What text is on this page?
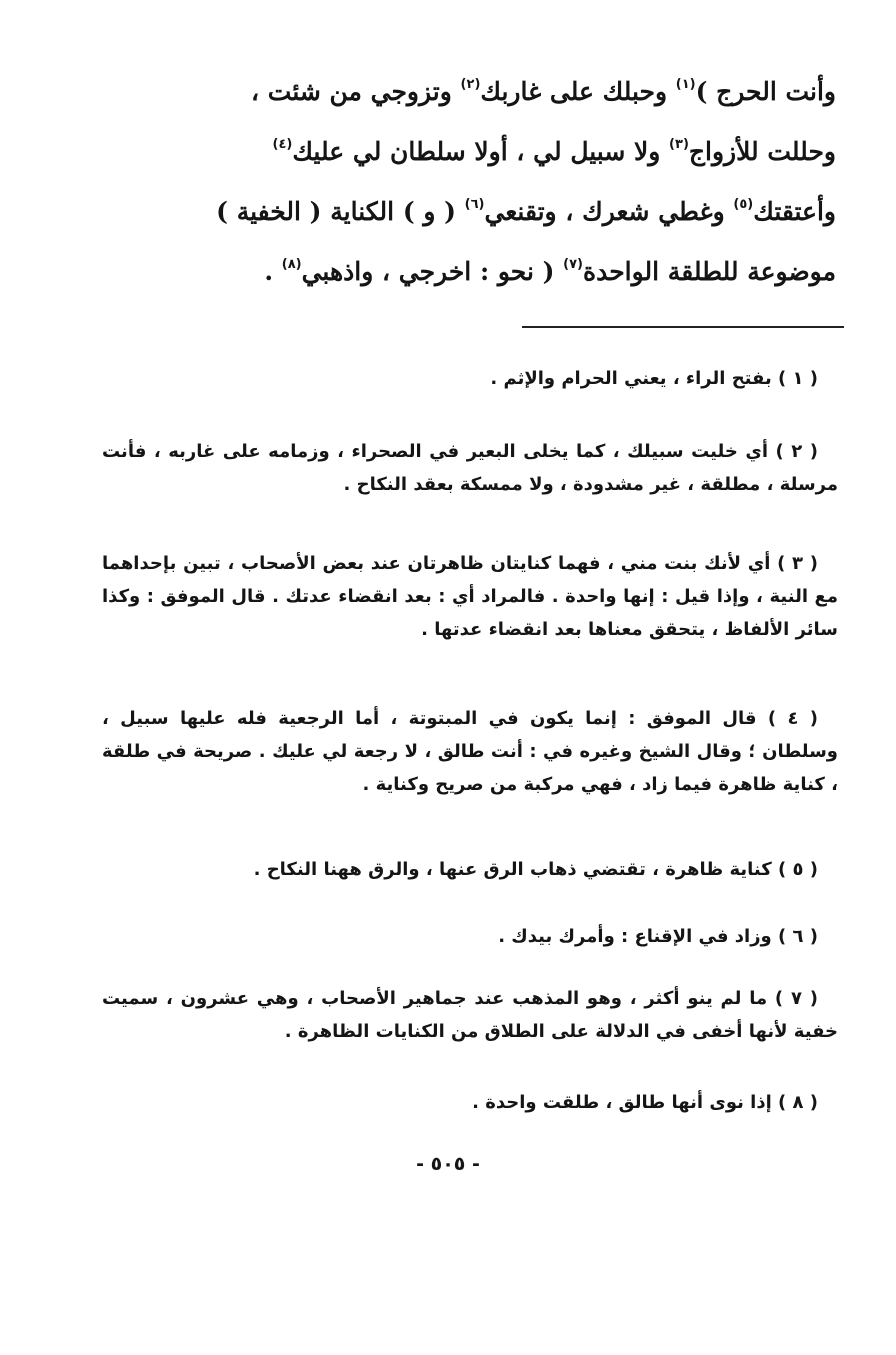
وأنت الحرج )$^{(١)}$ وحبلك على غاربك$^{(٢)}$ وتزوجي من شئت ،
وحللت للأزواج$^{(٣)}$ ولا سبيل لي ، أولا سلطان لي عليك$^{(٤)}$
وأعتقتك$^{(٥)}$ وغطي شعرك ، وتقنعي$^{(٦)}$ ( و ) الكناية ( الخفية )
موضوعة للطلقة الواحدة$^{(٧)}$ ( نحو : اخرجي ، واذهبي$^{(٨)}$ .

( ١ ) بفتح الراء ، يعني الحرام والإثم .

( ٢ ) أي خليت سبيلك ، كما يخلى البعير في الصحراء ، وزمامه على غاربه ، فأنت مرسلة ، مطلقة ، غير مشدودة ، ولا ممسكة بعقد النكاح .

( ٣ ) أي لأنك بنت مني ، فهما كنايتان ظاهرتان عند بعض الأصحاب ، تبين بإحداهما مع النية ، وإذا قيل : إنها واحدة . فالمراد أي : بعد انقضاء عدتك . قال الموفق : وكذا سائر الألفاظ ، يتحقق معناها بعد انقضاء عدتها .

( ٤ ) قال الموفق : إنما يكون في المبتوتة ، أما الرجعية فله عليها سبيل ، وسلطان ؛ وقال الشيخ وغيره في : أنت طالق ، لا رجعة لي عليك . صريحة في طلقة ، كناية ظاهرة فيما زاد ، فهي مركبة من صريح وكناية .

( ٥ ) كناية ظاهرة ، تقتضي ذهاب الرق عنها ، والرق ههنا النكاح .

( ٦ ) وزاد في الإقناع : وأمرك بيدك .

( ٧ ) ما لم ينو أكثر ، وهو المذهب عند جماهير الأصحاب ، وهي عشرون ، سميت خفية لأنها أخفى في الدلالة على الطلاق من الكنايات الظاهرة .

( ٨ ) إذا نوى أنها طالق ، طلقت واحدة .

- ٥٠٥ -
